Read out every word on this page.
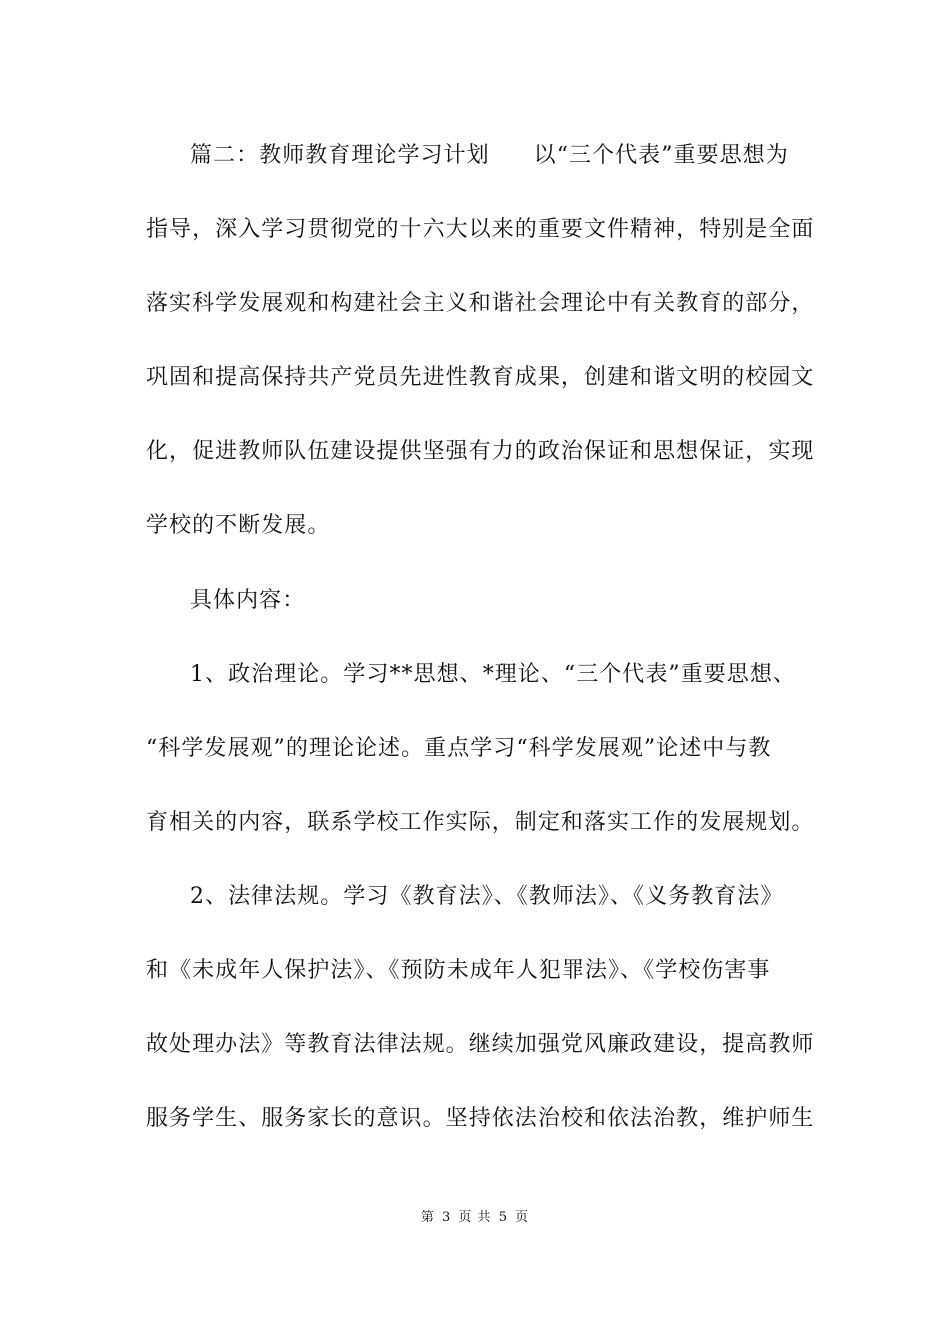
篇二：教师教育理论学习计划 以“三个代表”重要思想为
指导，深入学习贯彻党的十六大以来的重要文件精神，特别是全面
落实科学发展观和构建社会主义和谐社会理论中有关教育的部分，
巩固和提高保持共产党员先进性教育成果，创建和谐文明的校园文
化，促进教师队伍建设提供坚强有力的政治保证和思想保证，实现
学校的不断发展。
具体内容：
1、政治理论。学习**思想、*理论、“三个代表”重要思想、
“科学发展观”的理论论述。重点学习“科学发展观”论述中与教
育相关的内容，联系学校工作实际，制定和落实工作的发展规划。
2、法律法规。学习《教育法》、《教师法》、《义务教育法》
和《未成年人保护法》、《预防未成年人犯罪法》、《学校伤害事
故处理办法》等教育法律法规。继续加强党风廉政建设，提高教师
服务学生、服务家长的意识。坚持依法治校和依法治教，维护师生
第 3 页 共 5 页
